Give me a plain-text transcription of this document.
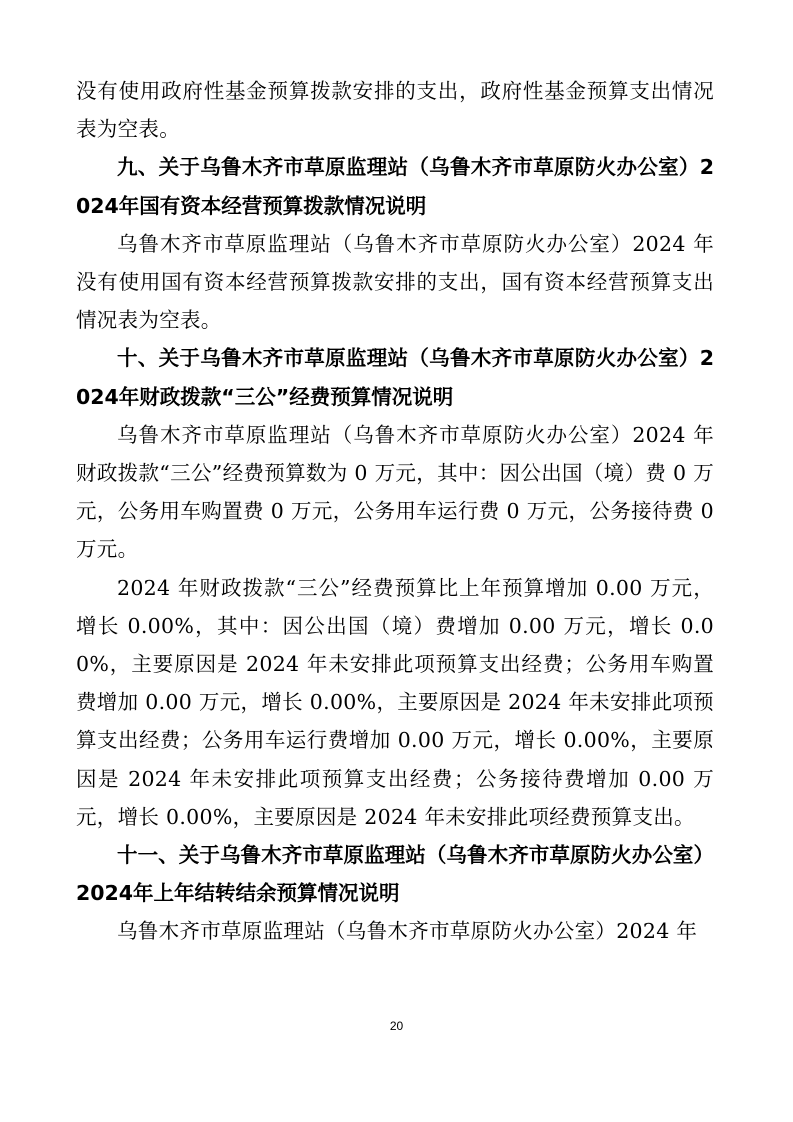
没有使用政府性基金预算拨款安排的支出，政府性基金预算支出情况表为空表。

九、关于乌鲁木齐市草原监理站（乌鲁木齐市草原防火办公室）2024年国有资本经营预算拨款情况说明

乌鲁木齐市草原监理站（乌鲁木齐市草原防火办公室）2024 年没有使用国有资本经营预算拨款安排的支出，国有资本经营预算支出情况表为空表。

十、关于乌鲁木齐市草原监理站（乌鲁木齐市草原防火办公室）2024年财政拨款“三公”经费预算情况说明

乌鲁木齐市草原监理站（乌鲁木齐市草原防火办公室）2024 年财政拨款“三公”经费预算数为 0 万元，其中：因公出国（境）费 0 万元，公务用车购置费 0 万元，公务用车运行费 0 万元，公务接待费 0 万元。

2024 年财政拨款“三公”经费预算比上年预算增加 0.00 万元，增长 0.00%，其中：因公出国（境）费增加 0.00 万元，增长 0.00%，主要原因是 2024 年未安排此项预算支出经费；公务用车购置费增加 0.00 万元，增长 0.00%，主要原因是 2024 年未安排此项预算支出经费；公务用车运行费增加 0.00 万元，增长 0.00%，主要原因是 2024 年未安排此项预算支出经费；公务接待费增加 0.00 万元，增长 0.00%，主要原因是 2024 年未安排此项经费预算支出。

十一、关于乌鲁木齐市草原监理站（乌鲁木齐市草原防火办公室）2024年上年结转结余预算情况说明

乌鲁木齐市草原监理站（乌鲁木齐市草原防火办公室）2024 年

20
